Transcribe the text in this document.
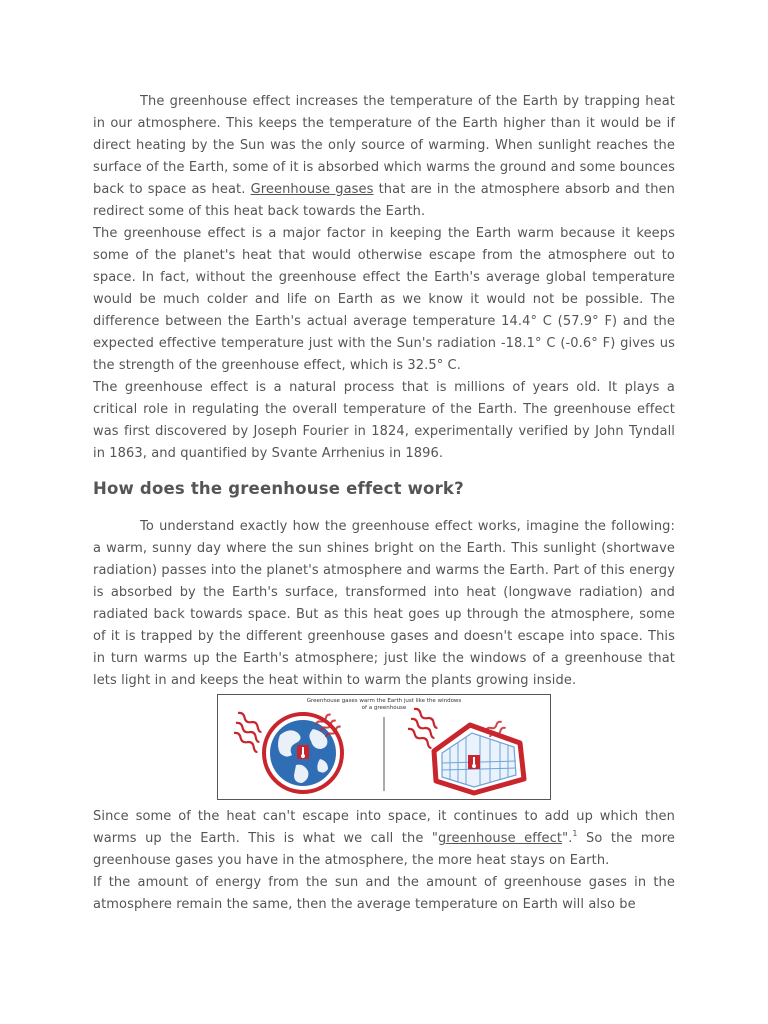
The greenhouse effect increases the temperature of the Earth by trapping heat in our atmosphere. This keeps the temperature of the Earth higher than it would be if direct heating by the Sun was the only source of warming. When sunlight reaches the surface of the Earth, some of it is absorbed which warms the ground and some bounces back to space as heat. Greenhouse gases that are in the atmosphere absorb and then redirect some of this heat back towards the Earth.

The greenhouse effect is a major factor in keeping the Earth warm because it keeps some of the planet's heat that would otherwise escape from the atmosphere out to space. In fact, without the greenhouse effect the Earth's average global temperature would be much colder and life on Earth as we know it would not be possible. The difference between the Earth's actual average temperature 14.4° C (57.9° F) and the expected effective temperature just with the Sun's radiation -18.1° C (-0.6° F) gives us the strength of the greenhouse effect, which is 32.5° C.

The greenhouse effect is a natural process that is millions of years old. It plays a critical role in regulating the overall temperature of the Earth. The greenhouse effect was first discovered by Joseph Fourier in 1824, experimentally verified by John Tyndall in 1863, and quantified by Svante Arrhenius in 1896.

How does the greenhouse effect work?

To understand exactly how the greenhouse effect works, imagine the following: a warm, sunny day where the sun shines bright on the Earth. This sunlight (shortwave radiation) passes into the planet's atmosphere and warms the Earth. Part of this energy is absorbed by the Earth's surface, transformed into heat (longwave radiation) and radiated back towards space. But as this heat goes up through the atmosphere, some of it is trapped by the different greenhouse gases and doesn't escape into space. This in turn warms up the Earth's atmosphere; just like the windows of a greenhouse that lets light in and keeps the heat within to warm the plants growing inside.

Greenhouse gases warm the Earth just like the windows
of a greenhouse

Since some of the heat can't escape into space, it continues to add up which then warms up the Earth. This is what we call the "greenhouse effect".$^1$ So the more greenhouse gases you have in the atmosphere, the more heat stays on Earth.

If the amount of energy from the sun and the amount of greenhouse gases in the atmosphere remain the same, then the average temperature on Earth will also be
